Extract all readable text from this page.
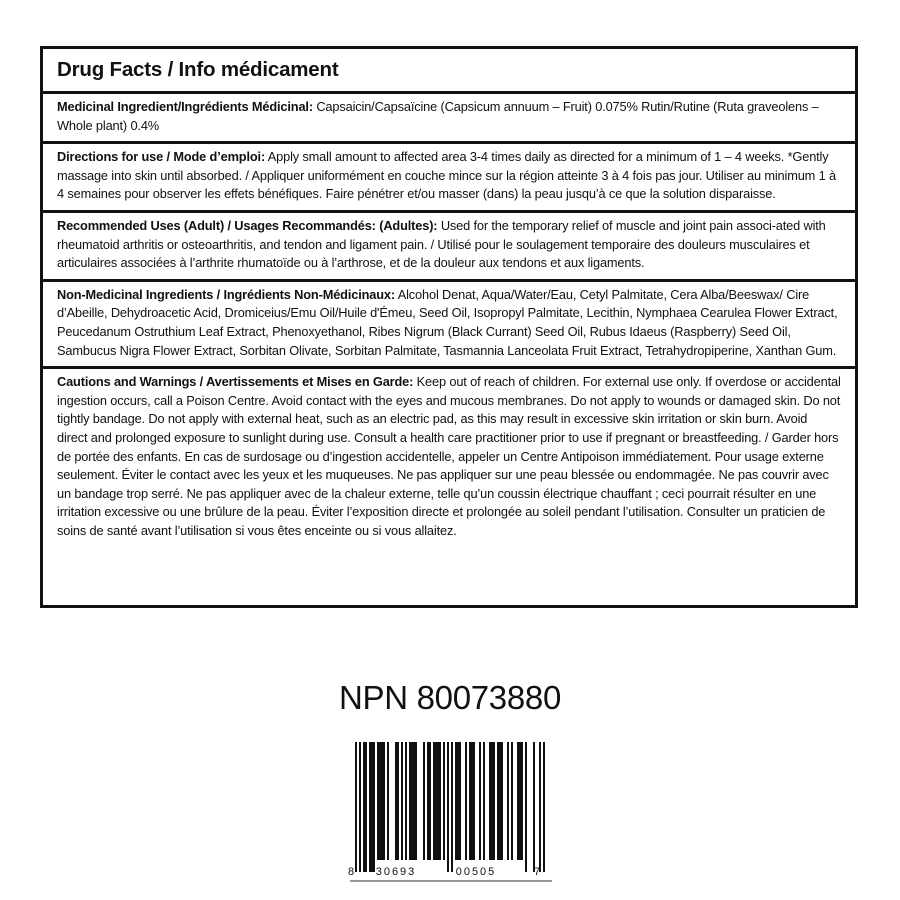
Drug Facts / Info médicament
Medicinal Ingredient/Ingrédients Médicinal: Capsaicin/Capsaïcine (Capsicum annuum – Fruit) 0.075% Rutin/Rutine (Ruta graveolens – Whole plant) 0.4%
Directions for use / Mode d’emploi: Apply small amount to affected area 3-4 times daily as directed for a minimum of 1 – 4 weeks. *Gently massage into skin until absorbed. / Appliquer uniformément en couche mince sur la région atteinte 3 à 4 fois pas jour. Utiliser au minimum 1 à 4 semaines pour observer les effets bénéfiques. Faire pénétrer et/ou masser (dans) la peau jusqu’à ce que la solution disparaisse.
Recommended Uses (Adult) / Usages Recommandés: (Adultes): Used for the temporary relief of muscle and joint pain associ-ated with rheumatoid arthritis or osteoarthritis, and tendon and ligament pain. / Utilisé pour le soulagement temporaire des douleurs musculaires et articulaires associées à l’arthrite rhumatoïde ou à l’arthrose, et de la douleur aux tendons et aux ligaments.
Non-Medicinal Ingredients / Ingrédients Non-Médicinaux: Alcohol Denat, Aqua/Water/Eau, Cetyl Palmitate, Cera Alba/Beeswax/ Cire d’Abeille, Dehydroacetic Acid, Dromiceius/Emu Oil/Huile d'Émeu, Seed Oil, Isopropyl Palmitate, Lecithin, Nymphaea Cearulea Flower Extract, Peucedanum Ostruthium Leaf Extract, Phenoxyethanol, Ribes Nigrum (Black Currant) Seed Oil, Rubus Idaeus (Raspberry) Seed Oil, Sambucus Nigra Flower Extract, Sorbitan Olivate, Sorbitan Palmitate, Tasmannia Lanceolata Fruit Extract, Tetrahydropiperine, Xanthan Gum.
Cautions and Warnings / Avertissements et Mises en Garde: Keep out of reach of children. For external use only. If overdose or accidental ingestion occurs, call a Poison Centre. Avoid contact with the eyes and mucous membranes. Do not apply to wounds or damaged skin. Do not tightly bandage. Do not apply with external heat, such as an electric pad, as this may result in excessive skin irritation or skin burn. Avoid direct and prolonged exposure to sunlight during use. Consult a health care practitioner prior to use if pregnant or breastfeeding. / Garder hors de portée des enfants. En cas de surdosage ou d’ingestion accidentelle, appeler un Centre Antipoison immédiatement. Pour usage externe seulement. Éviter le contact avec les yeux et les muqueuses. Ne pas appliquer sur une peau blessée ou endommagée. Ne pas couvrir avec un bandage trop serré. Ne pas appliquer avec de la chaleur externe, telle qu’un coussin électrique chauffant ; ceci pourrait résulter en une irritation excessive ou une brûlure de la peau. Éviter l’exposition directe et prolongée au soleil pendant l’utilisation. Consulter un praticien de soins de santé avant l’utilisation si vous êtes enceinte ou si vous allaitez.
NPN 80073880
8 30693	00505	7
